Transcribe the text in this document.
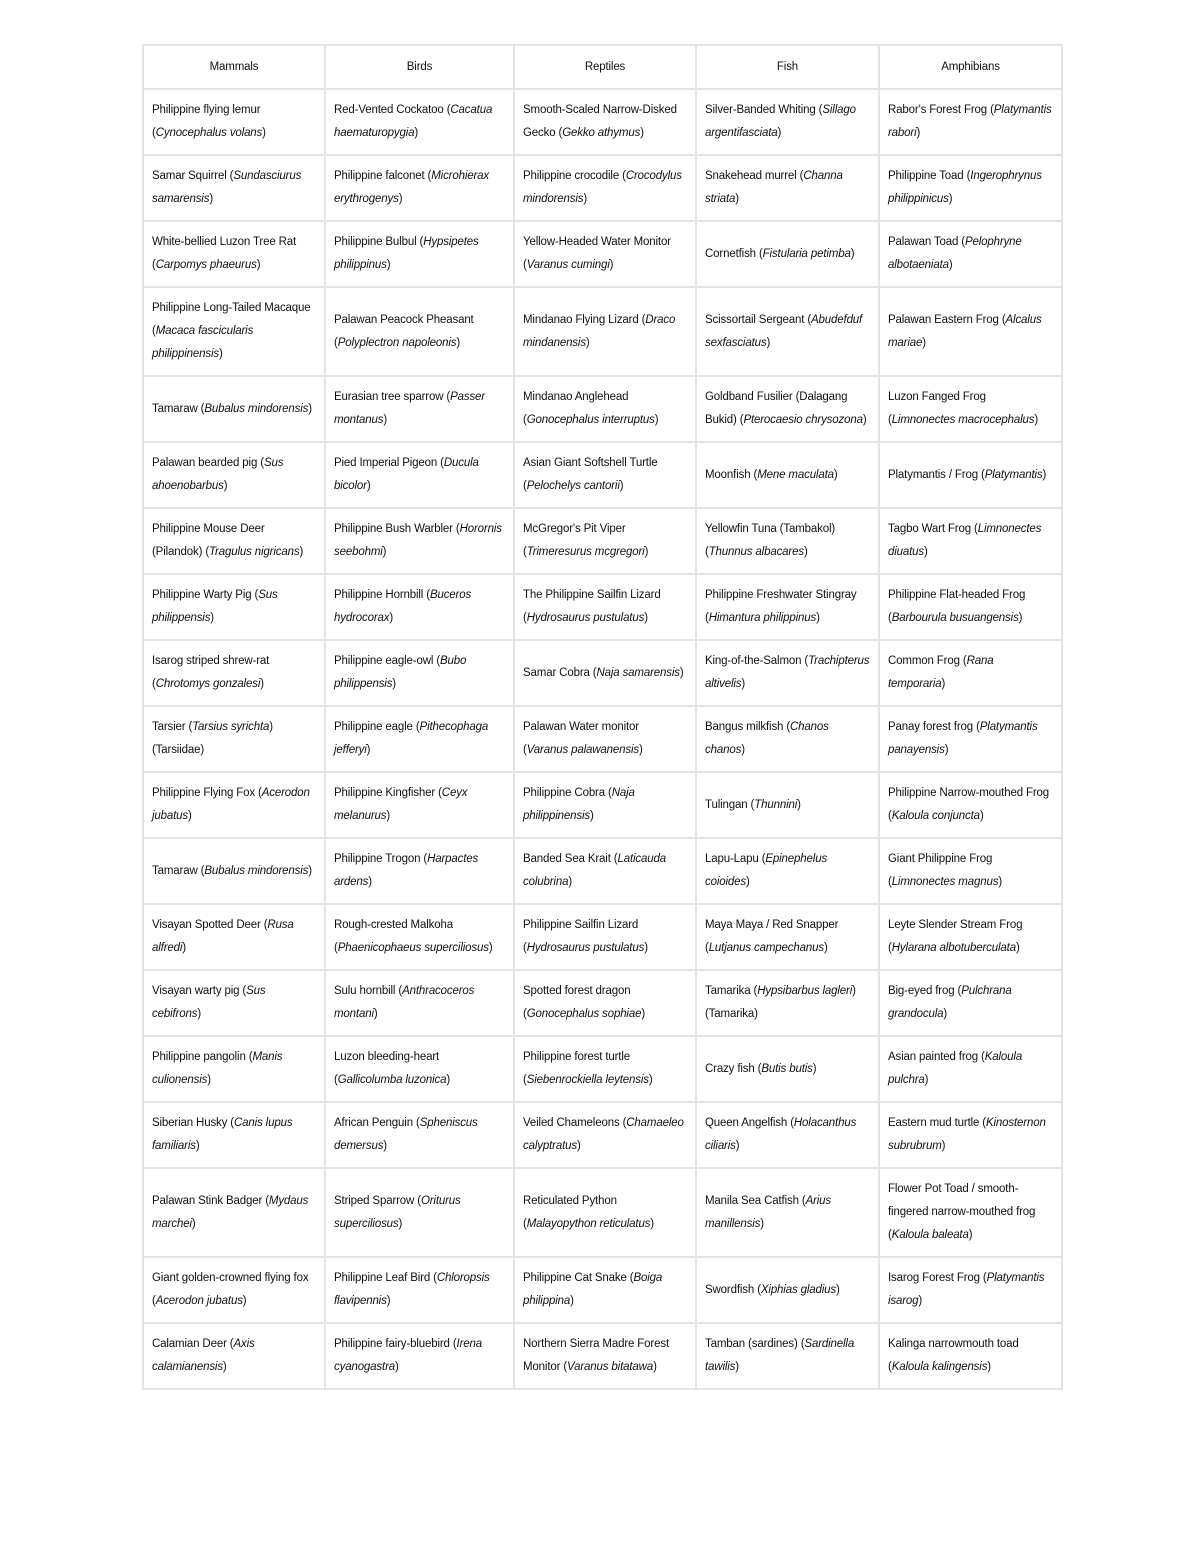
Mammals	Birds	Reptiles	Fish	Amphibians
Philippine flying lemur (Cynocephalus volans)	Red-Vented Cockatoo (Cacatua haematuropygia)	Smooth-Scaled Narrow-Disked Gecko (Gekko athymus)	Silver-Banded Whiting (Sillago argentifasciata)	Rabor's Forest Frog (Platymantis rabori)
Samar Squirrel (Sundasciurus samarensis)	Philippine falconet (Microhierax erythrogenys)	Philippine crocodile (Crocodylus mindorensis)	Snakehead murrel (Channa striata)	Philippine Toad (Ingerophrynus philippinicus)
White-bellied Luzon Tree Rat (Carpomys phaeurus)	Philippine Bulbul (Hypsipetes philippinus)	Yellow-Headed Water Monitor (Varanus cumingi)	Cornetfish (Fistularia petimba)	Palawan Toad (Pelophryne albotaeniata)
Philippine Long-Tailed Macaque (Macaca fascicularis philippinensis)	Palawan Peacock Pheasant (Polyplectron napoleonis)	Mindanao Flying Lizard (Draco mindanensis)	Scissortail Sergeant (Abudefduf sexfasciatus)	Palawan Eastern Frog (Alcalus mariae)
Tamaraw (Bubalus mindorensis)	Eurasian tree sparrow (Passer montanus)	Mindanao Anglehead (Gonocephalus interruptus)	Goldband Fusilier (Dalagang Bukid) (Pterocaesio chrysozona)	Luzon Fanged Frog (Limnonectes macrocephalus)
Palawan bearded pig (Sus ahoenobarbus)	Pied Imperial Pigeon (Ducula bicolor)	Asian Giant Softshell Turtle (Pelochelys cantorii)	Moonfish (Mene maculata)	Platymantis / Frog (Platymantis)
Philippine Mouse Deer (Pilandok) (Tragulus nigricans)	Philippine Bush Warbler (Horornis seebohmi)	McGregor's Pit Viper (Trimeresurus mcgregori)	Yellowfin Tuna (Tambakol) (Thunnus albacares)	Tagbo Wart Frog (Limnonectes diuatus)
Philippine Warty Pig (Sus philippensis)	Philippine Hornbill (Buceros hydrocorax)	The Philippine Sailfin Lizard (Hydrosaurus pustulatus)	Philippine Freshwater Stingray (Himantura philippinus)	Philippine Flat-headed Frog (Barbourula busuangensis)
Isarog striped shrew-rat (Chrotomys gonzalesi)	Philippine eagle-owl (Bubo philippensis)	Samar Cobra (Naja samarensis)	King-of-the-Salmon (Trachipterus altivelis)	Common Frog (Rana temporaria)
Tarsier (Tarsius syrichta) (Tarsiidae)	Philippine eagle (Pithecophaga jefferyi)	Palawan Water monitor (Varanus palawanensis)	Bangus milkfish (Chanos chanos)	Panay forest frog (Platymantis panayensis)
Philippine Flying Fox (Acerodon jubatus)	Philippine Kingfisher (Ceyx melanurus)	Philippine Cobra (Naja philippinensis)	Tulingan (Thunnini)	Philippine Narrow-mouthed Frog (Kaloula conjuncta)
Tamaraw (Bubalus mindorensis)	Philippine Trogon (Harpactes ardens)	Banded Sea Krait (Laticauda colubrina)	Lapu-Lapu (Epinephelus coioides)	Giant Philippine Frog (Limnonectes magnus)
Visayan Spotted Deer (Rusa alfredi)	Rough-crested Malkoha (Phaenicophaeus superciliosus)	Philippine Sailfin Lizard (Hydrosaurus pustulatus)	Maya Maya / Red Snapper (Lutjanus campechanus)	Leyte Slender Stream Frog (Hylarana albotuberculata)
Visayan warty pig (Sus cebifrons)	Sulu hornbill (Anthracoceros montani)	Spotted forest dragon (Gonocephalus sophiae)	Tamarika (Hypsibarbus lagleri) (Tamarika)	Big-eyed frog (Pulchrana grandocula)
Philippine pangolin (Manis culionensis)	Luzon bleeding-heart (Gallicolumba luzonica)	Philippine forest turtle (Siebenrockiella leytensis)	Crazy fish (Butis butis)	Asian painted frog (Kaloula pulchra)
Siberian Husky (Canis lupus familiaris)	African Penguin (Spheniscus demersus)	Veiled Chameleons (Chamaeleo calyptratus)	Queen Angelfish (Holacanthus ciliaris)	Eastern mud turtle (Kinosternon subrubrum)
Palawan Stink Badger (Mydaus marchei)	Striped Sparrow (Oriturus superciliosus)	Reticulated Python (Malayopython reticulatus)	Manila Sea Catfish (Arius manillensis)	Flower Pot Toad / smooth-fingered narrow-mouthed frog (Kaloula baleata)
Giant golden-crowned flying fox (Acerodon jubatus)	Philippine Leaf Bird (Chloropsis flavipennis)	Philippine Cat Snake (Boiga philippina)	Swordfish (Xiphias gladius)	Isarog Forest Frog (Platymantis isarog)
Calamian Deer (Axis calamianensis)	Philippine fairy-bluebird (Irena cyanogastra)	Northern Sierra Madre Forest Monitor (Varanus bitatawa)	Tamban (sardines) (Sardinella tawilis)	Kalinga narrowmouth toad (Kaloula kalingensis)
